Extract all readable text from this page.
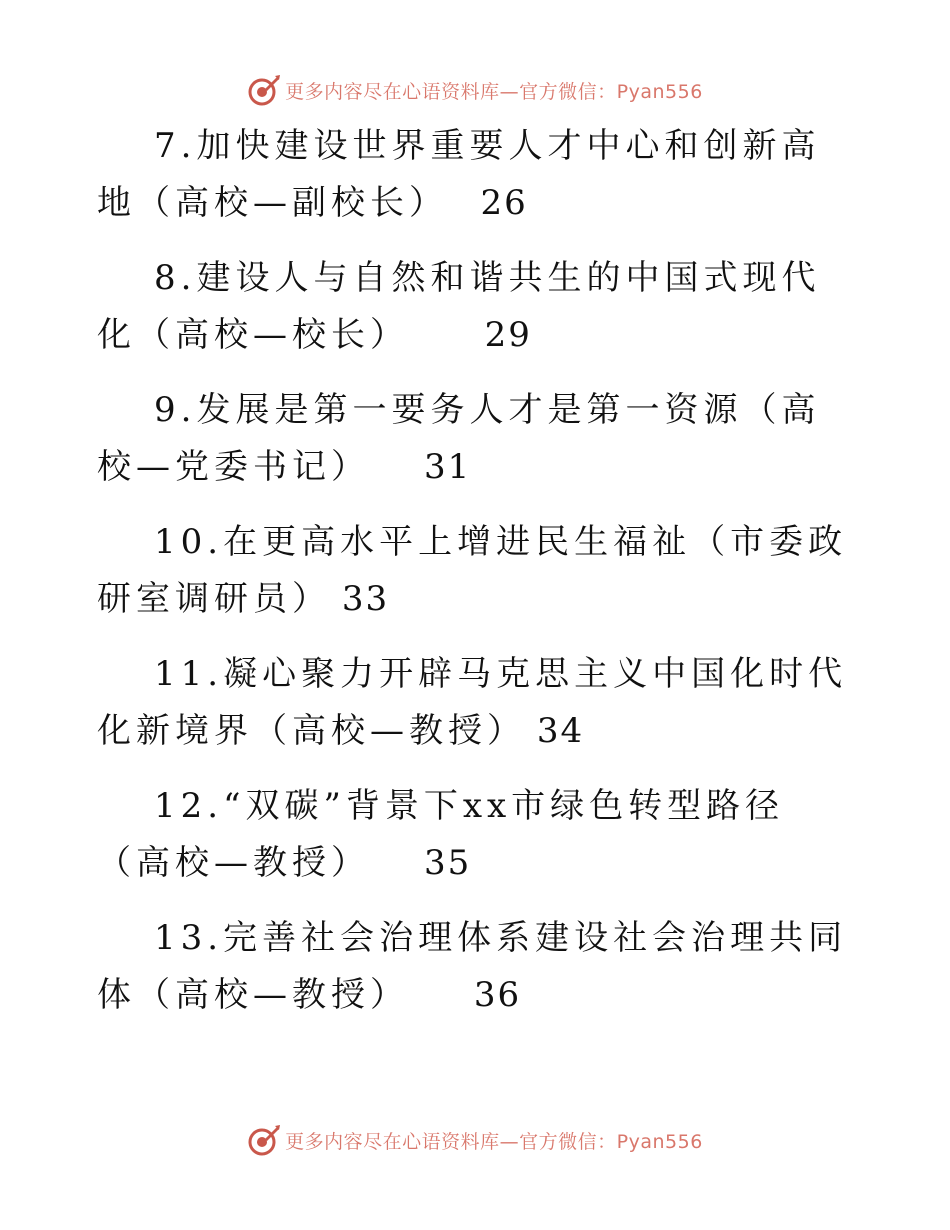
更多内容尽在心语资料库—官方微信：Pyan556

7.加快建设世界重要人才中心和创新高地（高校—副校长） 26

8.建设人与自然和谐共生的中国式现代化（高校—校长） 29

9.发展是第一要务人才是第一资源（高校—党委书记） 31

10.在更高水平上增进民生福祉（市委政研室调研员） 33

11.凝心聚力开辟马克思主义中国化时代化新境界（高校—教授） 34

12.“双碳”背景下xx市绿色转型路径（高校—教授） 35

13.完善社会治理体系建设社会治理共同体（高校—教授） 36

更多内容尽在心语资料库—官方微信：Pyan556
